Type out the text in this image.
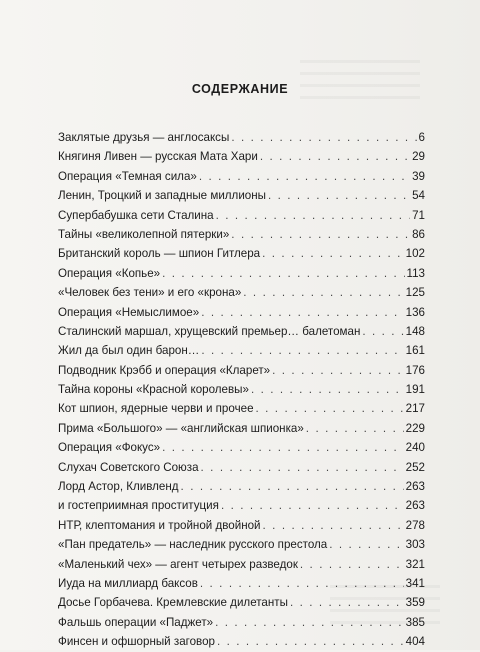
СОДЕРЖАНИЕ
Заклятые друзья — англосаксы . . .	6
Княгиня Ливен — русская Мата Хари . . .	29
Операция «Темная сила» . . .	39
Ленин, Троцкий и западные миллионы . . .	54
Супербабушка сети Сталина . . .	71
Тайны «великолепной пятерки» . . .	86
Британский король — шпион Гитлера . . .	102
Операция «Копье» . . .	113
«Человек без тени» и его «крона» . . .	125
Операция «Немыслимое» . . .	136
Сталинский маршал, хрущевский премьер… балетоман . . .	148
Жил да был один барон… . . .	161
Подводник Крэбб и операция «Кларет» . . .	176
Тайна короны «Красной королевы» . . .	191
Кот шпион, ядерные черви и прочее . . .	217
Прима «Большого» — «английская шпионка» . . .	229
Операция «Фокус» . . .	240
Слухач Советского Союза . . .	252
Лорд Астор, Кливленд . . .	263
и гостеприимная проституция . . .	263
НТР, клептомания и тройной двойной . . .	278
«Пан предатель» — наследник русского престола . . .	303
«Маленький чех» — агент четырех разведок . . .	321
Иуда на миллиард баксов . . .	341
Досье Горбачева. Кремлевские дилетанты . . .	359
Фальшь операции «Паджет» . . .	385
Финсен и офшорный заговор . . .	404
